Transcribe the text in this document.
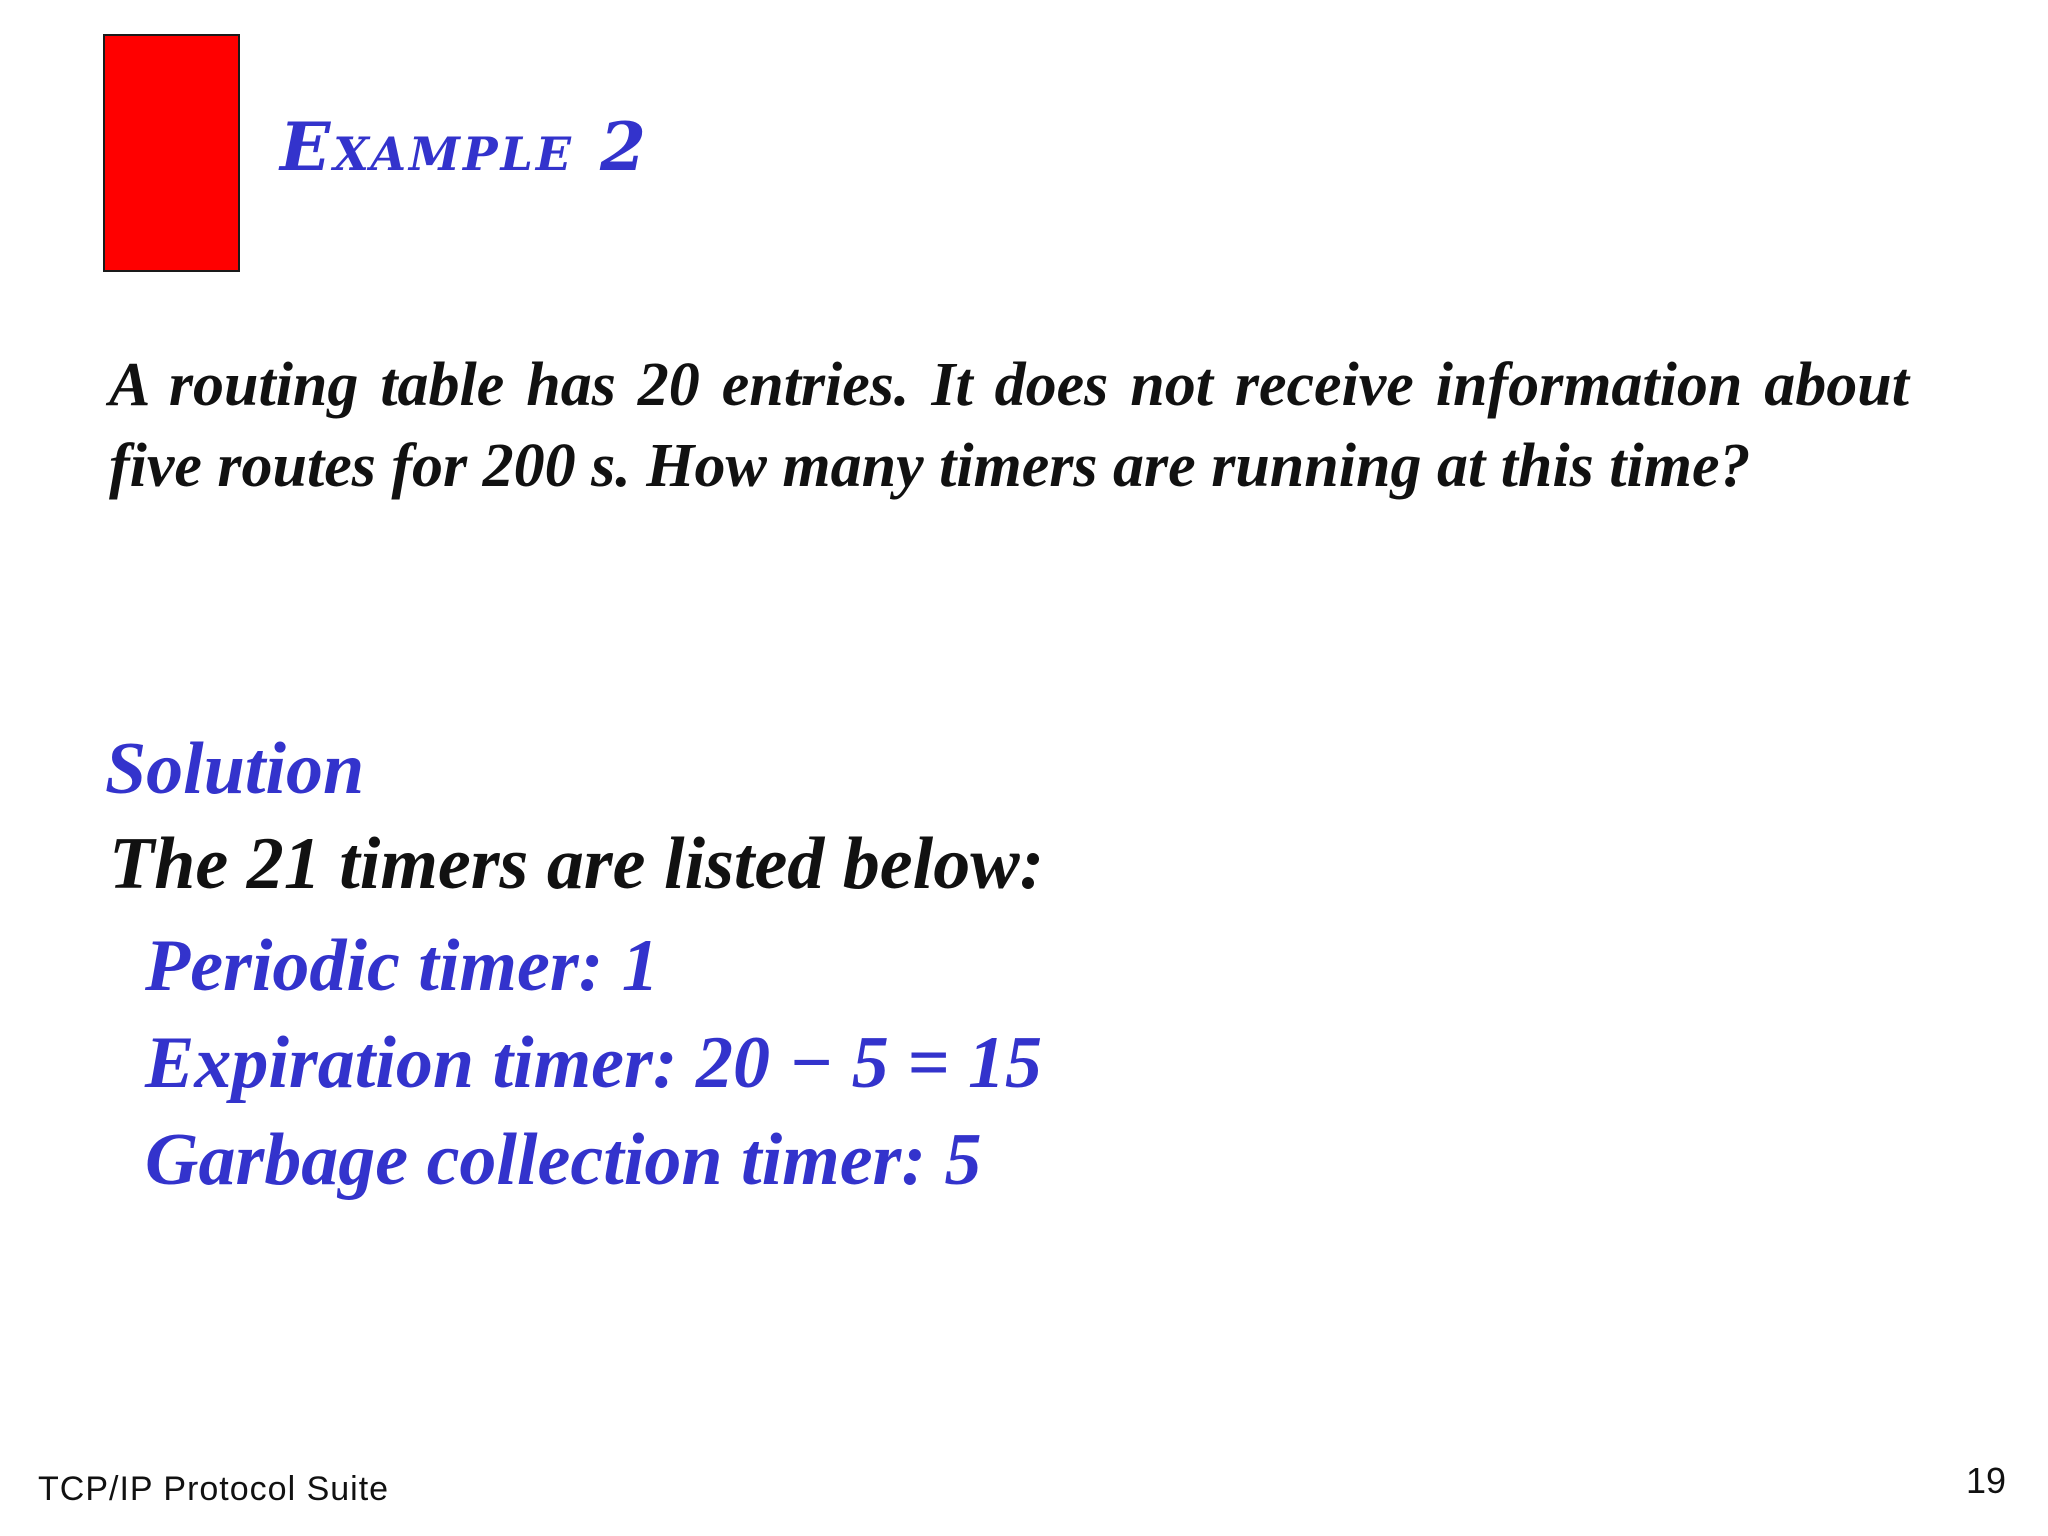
Example 2
A routing table has 20 entries. It does not receive information about five routes for 200 s. How many timers are running at this time?
Solution
The 21 timers are listed below:
Periodic timer: 1
Expiration timer: 20 − 5 = 15
Garbage collection timer: 5
TCP/IP Protocol Suite	19
